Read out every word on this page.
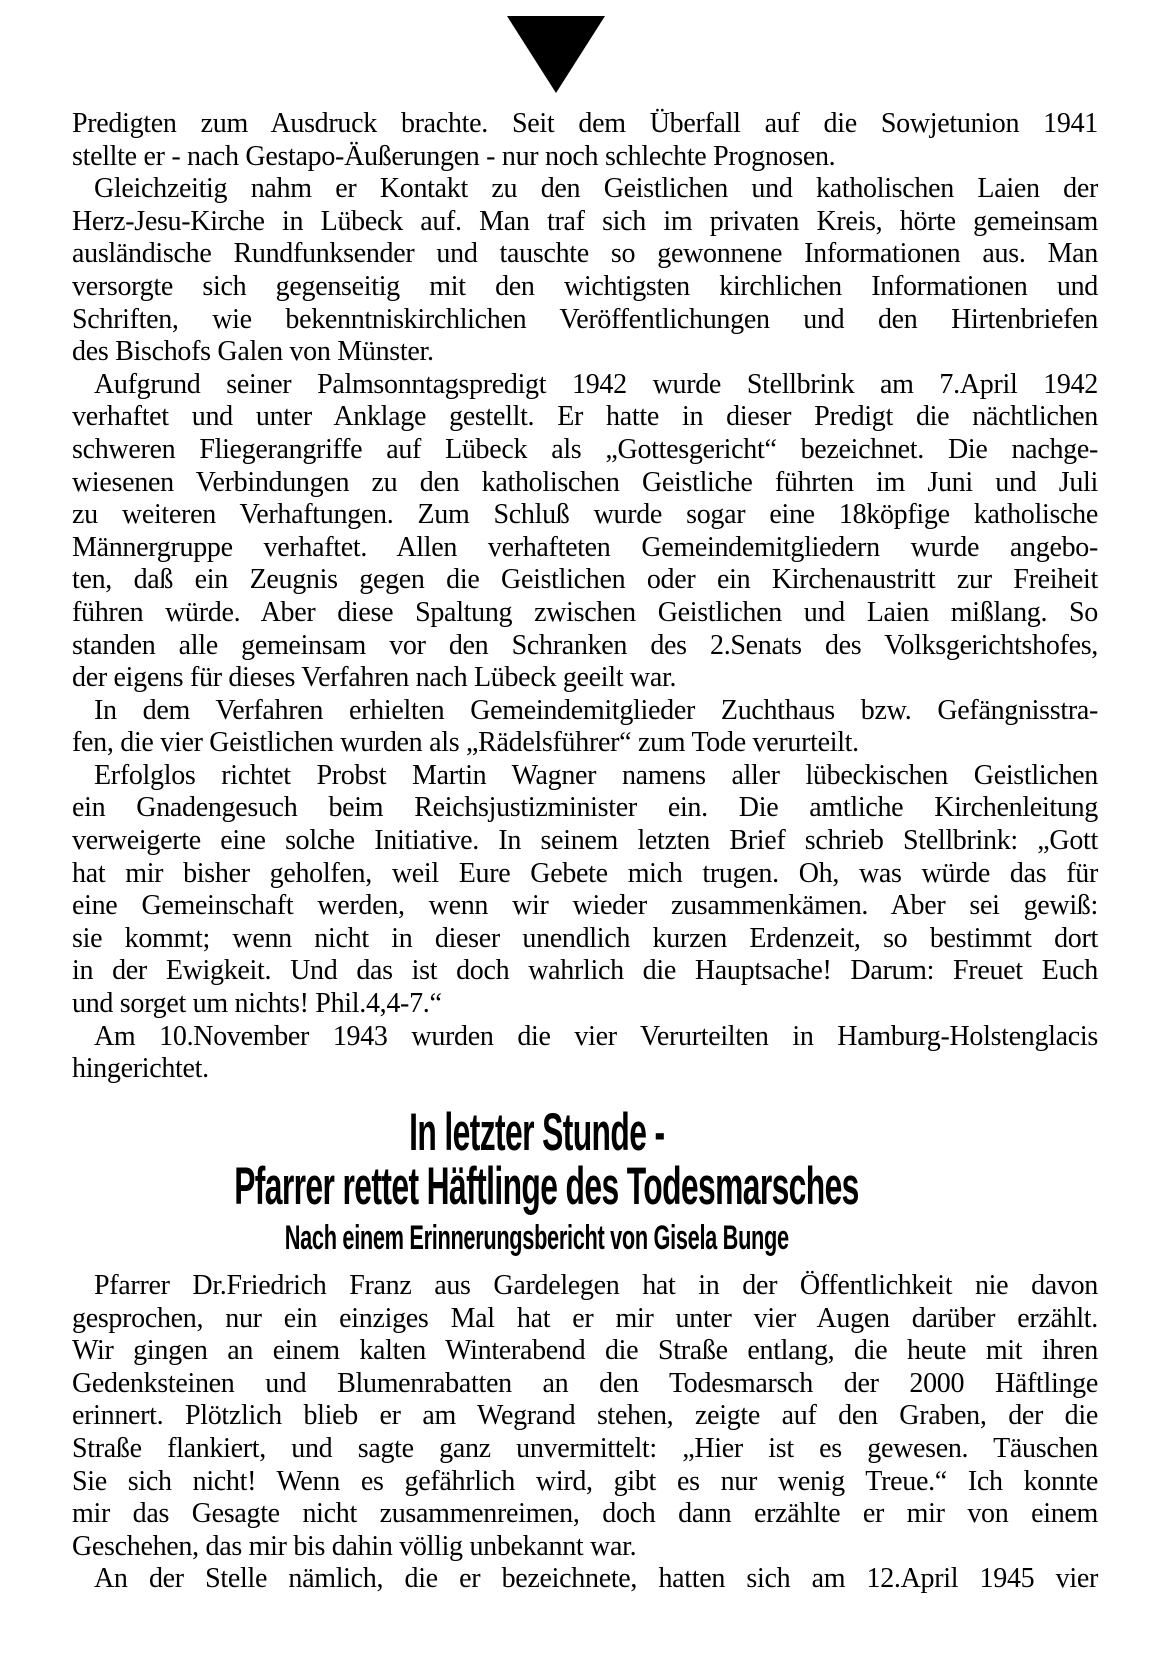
Predigten zum Ausdruck brachte. Seit dem Überfall auf die Sowjetunion 1941
stellte er - nach Gestapo-Äußerungen - nur noch schlechte Prognosen.
Gleichzeitig nahm er Kontakt zu den Geistlichen und katholischen Laien der
Herz-Jesu-Kirche in Lübeck auf. Man traf sich im privaten Kreis, hörte gemeinsam
ausländische Rundfunksender und tauschte so gewonnene Informationen aus. Man
versorgte sich gegenseitig mit den wichtigsten kirchlichen Informationen und
Schriften, wie bekenntniskirchlichen Veröffentlichungen und den Hirtenbriefen
des Bischofs Galen von Münster.
Aufgrund seiner Palmsonntagspredigt 1942 wurde Stellbrink am 7.April 1942
verhaftet und unter Anklage gestellt. Er hatte in dieser Predigt die nächtlichen
schweren Fliegerangriffe auf Lübeck als „Gottesgericht“ bezeichnet. Die nachge-
wiesenen Verbindungen zu den katholischen Geistliche führten im Juni und Juli
zu weiteren Verhaftungen. Zum Schluß wurde sogar eine 18köpfige katholische
Männergruppe verhaftet. Allen verhafteten Gemeindemitgliedern wurde angebo-
ten, daß ein Zeugnis gegen die Geistlichen oder ein Kirchenaustritt zur Freiheit
führen würde. Aber diese Spaltung zwischen Geistlichen und Laien mißlang. So
standen alle gemeinsam vor den Schranken des 2.Senats des Volksgerichtshofes,
der eigens für dieses Verfahren nach Lübeck geeilt war.
In dem Verfahren erhielten Gemeindemitglieder Zuchthaus bzw. Gefängnisstra-
fen, die vier Geistlichen wurden als „Rädelsführer“ zum Tode verurteilt.
Erfolglos richtet Probst Martin Wagner namens aller lübeckischen Geistlichen
ein Gnadengesuch beim Reichsjustizminister ein. Die amtliche Kirchenleitung
verweigerte eine solche Initiative. In seinem letzten Brief schrieb Stellbrink: „Gott
hat mir bisher geholfen, weil Eure Gebete mich trugen. Oh, was würde das für
eine Gemeinschaft werden, wenn wir wieder zusammenkämen. Aber sei gewiß:
sie kommt; wenn nicht in dieser unendlich kurzen Erdenzeit, so bestimmt dort
in der Ewigkeit. Und das ist doch wahrlich die Hauptsache! Darum: Freuet Euch
und sorget um nichts! Phil.4,4-7.“
Am 10.November 1943 wurden die vier Verurteilten in Hamburg-Holstenglacis
hingerichtet.
In letzter Stunde -
Pfarrer rettet Häftlinge des Todesmarsches
Nach einem Erinnerungsbericht von Gisela Bunge
Pfarrer Dr.Friedrich Franz aus Gardelegen hat in der Öffentlichkeit nie davon
gesprochen, nur ein einziges Mal hat er mir unter vier Augen darüber erzählt.
Wir gingen an einem kalten Winterabend die Straße entlang, die heute mit ihren
Gedenksteinen und Blumenrabatten an den Todesmarsch der 2000 Häftlinge
erinnert. Plötzlich blieb er am Wegrand stehen, zeigte auf den Graben, der die
Straße flankiert, und sagte ganz unvermittelt: „Hier ist es gewesen. Täuschen
Sie sich nicht! Wenn es gefährlich wird, gibt es nur wenig Treue.“ Ich konnte
mir das Gesagte nicht zusammenreimen, doch dann erzählte er mir von einem
Geschehen, das mir bis dahin völlig unbekannt war.
An der Stelle nämlich, die er bezeichnete, hatten sich am 12.April 1945 vier
